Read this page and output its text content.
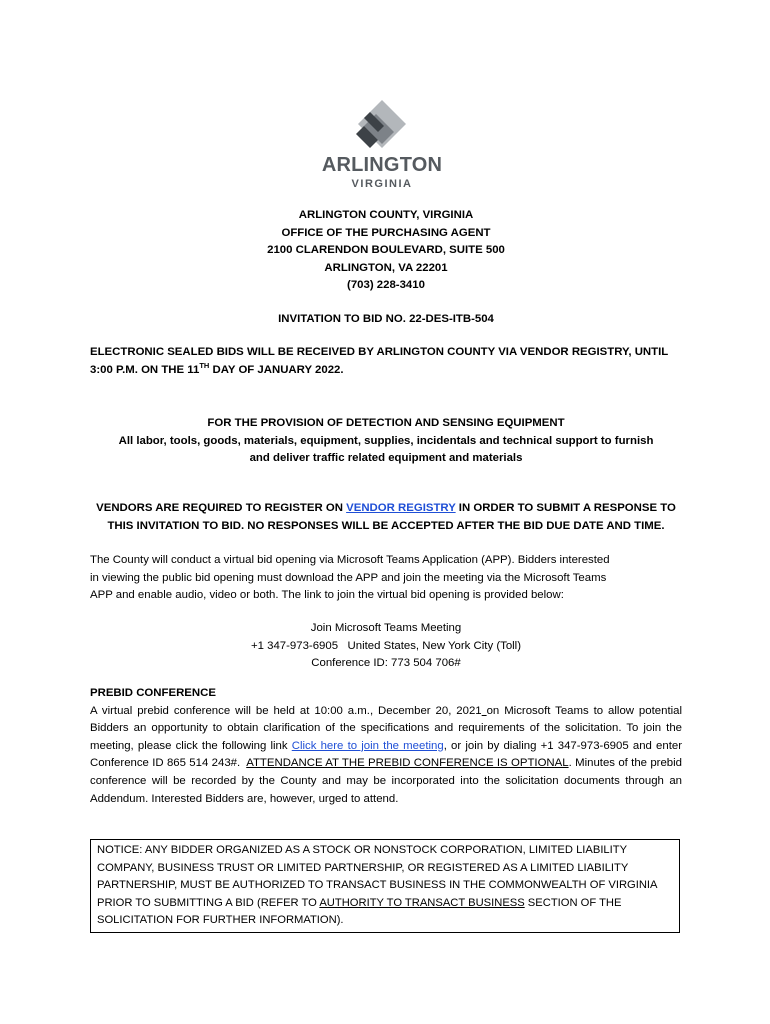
ARLINGTON
VIRGINIA
ARLINGTON COUNTY, VIRGINIA
OFFICE OF THE PURCHASING AGENT
2100 CLARENDON BOULEVARD, SUITE 500
ARLINGTON, VA 22201
(703) 228-3410
INVITATION TO BID NO. 22-DES-ITB-504
ELECTRONIC SEALED BIDS WILL BE RECEIVED BY ARLINGTON COUNTY VIA VENDOR REGISTRY, UNTIL
3:00 P.M. ON THE 11TH DAY OF JANUARY 2022.
FOR THE PROVISION OF DETECTION AND SENSING EQUIPMENT
All labor, tools, goods, materials, equipment, supplies, incidentals and technical support to furnish
and deliver traffic related equipment and materials
VENDORS ARE REQUIRED TO REGISTER ON VENDOR REGISTRY IN ORDER TO SUBMIT A RESPONSE TO
THIS INVITATION TO BID. NO RESPONSES WILL BE ACCEPTED AFTER THE BID DUE DATE AND TIME.
The County will conduct a virtual bid opening via Microsoft Teams Application (APP). Bidders interested
in viewing the public bid opening must download the APP and join the meeting via the Microsoft Teams
APP and enable audio, video or both. The link to join the virtual bid opening is provided below:
Join Microsoft Teams Meeting
+1 347-973-6905   United States, New York City (Toll)
Conference ID: 773 504 706#
PREBID CONFERENCE
A virtual prebid conference will be held at 10:00 a.m., December 20, 2021 on Microsoft Teams to allow potential Bidders an opportunity to obtain clarification of the specifications and requirements of the solicitation. To join the meeting, please click the following link Click here to join the meeting, or join by dialing +1 347-973-6905 and enter Conference ID 865 514 243#.  ATTENDANCE AT THE PREBID CONFERENCE IS OPTIONAL. Minutes of the prebid conference will be recorded by the County and may be incorporated into the solicitation documents through an Addendum. Interested Bidders are, however, urged to attend.
NOTICE: ANY BIDDER ORGANIZED AS A STOCK OR NONSTOCK CORPORATION, LIMITED LIABILITY
COMPANY, BUSINESS TRUST OR LIMITED PARTNERSHIP, OR REGISTERED AS A LIMITED LIABILITY
PARTNERSHIP, MUST BE AUTHORIZED TO TRANSACT BUSINESS IN THE COMMONWEALTH OF VIRGINIA
PRIOR TO SUBMITTING A BID (REFER TO AUTHORITY TO TRANSACT BUSINESS SECTION OF THE
SOLICITATION FOR FURTHER INFORMATION).
